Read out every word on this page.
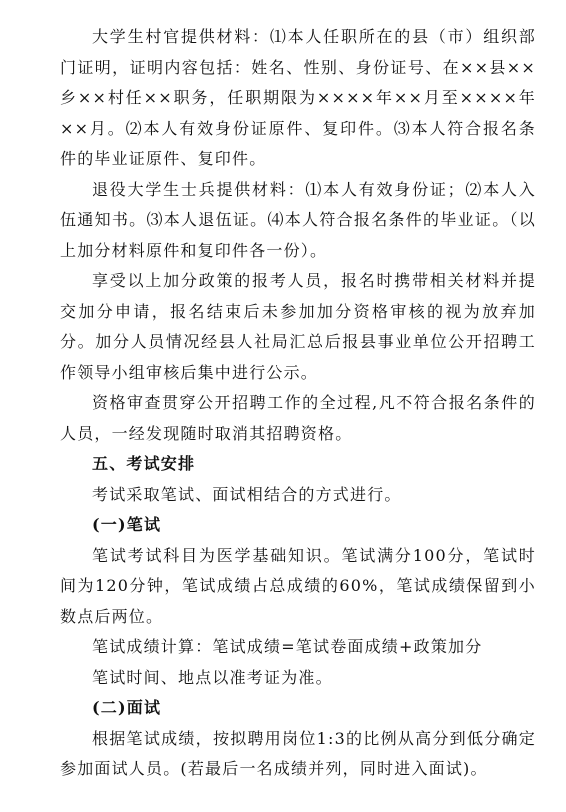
大学生村官提供材料：⑴本人任职所在的县（市）组织部门证明，证明内容包括：姓名、性别、身份证号、在××县××乡××村任××职务，任职期限为××××年××月至××××年××月。⑵本人有效身份证原件、复印件。⑶本人符合报名条件的毕业证原件、复印件。

退役大学生士兵提供材料：⑴本人有效身份证；⑵本人入伍通知书。⑶本人退伍证。⑷本人符合报名条件的毕业证。（以上加分材料原件和复印件各一份）。

享受以上加分政策的报考人员，报名时携带相关材料并提交加分申请，报名结束后未参加加分资格审核的视为放弃加分。加分人员情况经县人社局汇总后报县事业单位公开招聘工作领导小组审核后集中进行公示。

资格审查贯穿公开招聘工作的全过程,凡不符合报名条件的人员，一经发现随时取消其招聘资格。

五、考试安排

考试采取笔试、面试相结合的方式进行。

(一)笔试

笔试考试科目为医学基础知识。笔试满分100分，笔试时间为120分钟，笔试成绩占总成绩的60%，笔试成绩保留到小数点后两位。

笔试成绩计算：笔试成绩=笔试卷面成绩+政策加分

笔试时间、地点以准考证为准。

(二)面试

根据笔试成绩，按拟聘用岗位1:3的比例从高分到低分确定参加面试人员。(若最后一名成绩并列，同时进入面试)。
